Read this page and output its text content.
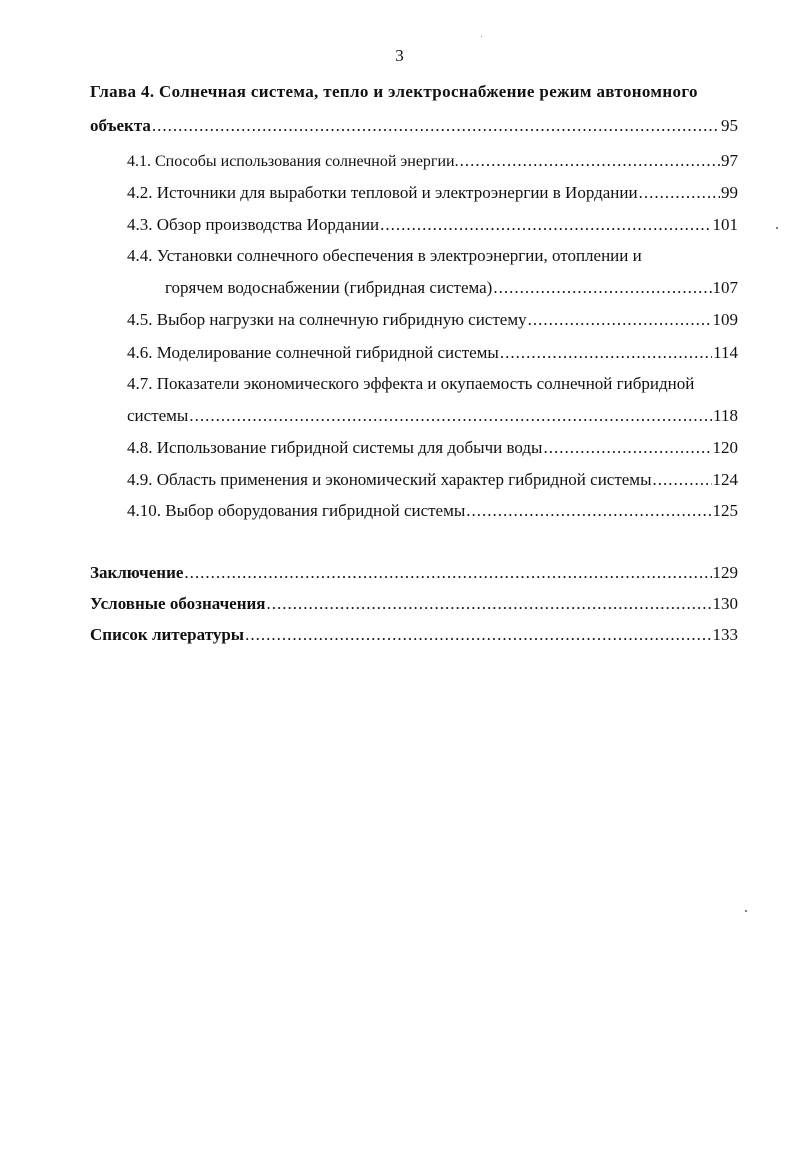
3
Глава 4. Солнечная система, тепло и электроснабжение режим автономного
объекта .....	95
4.1. Способы использования солнечной энергии. .....	97
4.2. Источники для выработки тепловой и электроэнергии в Иордании .....	99
4.3. Обзор производства Иордании .....	101
4.4. Установки солнечного обеспечения в электроэнергии, отоплении и
горячем водоснабжении (гибридная система) .....	107
4.5. Выбор нагрузки на солнечную гибридную систему .....	109
4.6. Моделирование солнечной гибридной системы .....	114
4.7. Показатели экономического эффекта и окупаемость солнечной гибридной
системы .....	118
4.8. Использование гибридной системы для добычи воды .....	120
4.9. Область применения и экономический характер гибридной системы .....	124
4.10. Выбор оборудования гибридной системы .....	125
Заключение .....	129
Условные обозначения .....	130
Список литературы .....	133
